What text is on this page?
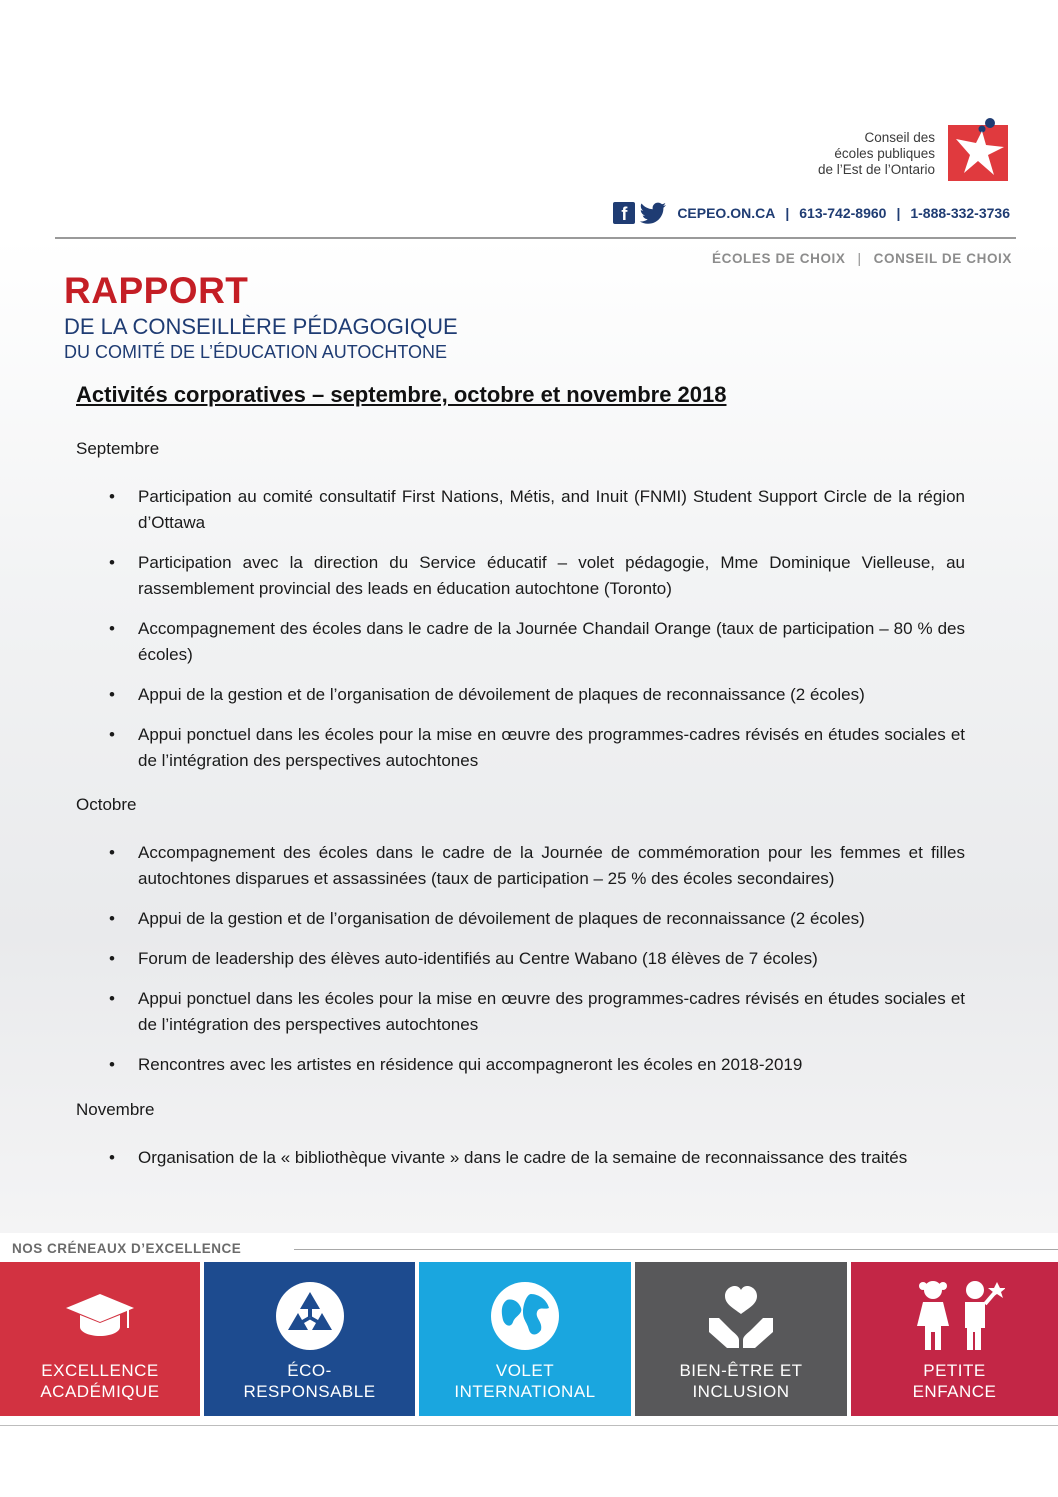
Conseil des
écoles publiques
de l’Est de l’Ontario
f	CEPEO.ON.CA | 613-742-8960 | 1-888-332-3736
ÉCOLES DE CHOIX | CONSEIL DE CHOIX
RAPPORT
DE LA CONSEILLÈRE PÉDAGOGIQUE
DU COMITÉ DE L’ÉDUCATION AUTOCHTONE
Activités corporatives – septembre, octobre et novembre 2018
Septembre
• Participation au comité consultatif First Nations, Métis, and Inuit (FNMI) Student Support Circle de la région d’Ottawa
• Participation avec la direction du Service éducatif – volet pédagogie, Mme Dominique Vielleuse, au rassemblement provincial des leads en éducation autochtone (Toronto)
• Accompagnement des écoles dans le cadre de la Journée Chandail Orange (taux de participation – 80 % des écoles)
• Appui de la gestion et de l’organisation de dévoilement de plaques de reconnaissance (2 écoles)
• Appui ponctuel dans les écoles pour la mise en œuvre des programmes-cadres révisés en études sociales et de l’intégration des perspectives autochtones
Octobre
• Accompagnement des écoles dans le cadre de la Journée de commémoration pour les femmes et filles autochtones disparues et assassinées (taux de participation – 25 % des écoles secondaires)
• Appui de la gestion et de l’organisation de dévoilement de plaques de reconnaissance (2 écoles)
• Forum de leadership des élèves auto-identifiés au Centre Wabano (18 élèves de 7 écoles)
• Appui ponctuel dans les écoles pour la mise en œuvre des programmes-cadres révisés en études sociales et de l’intégration des perspectives autochtones
• Rencontres avec les artistes en résidence qui accompagneront les écoles en 2018-2019
Novembre
• Organisation de la « bibliothèque vivante » dans le cadre de la semaine de reconnaissance des traités
NOS CRÉNEAUX D’EXCELLENCE
EXCELLENCE
ACADÉMIQUE
ÉCO-
RESPONSABLE
VOLET
INTERNATIONAL
BIEN-ÊTRE ET
INCLUSION
PETITE
ENFANCE
